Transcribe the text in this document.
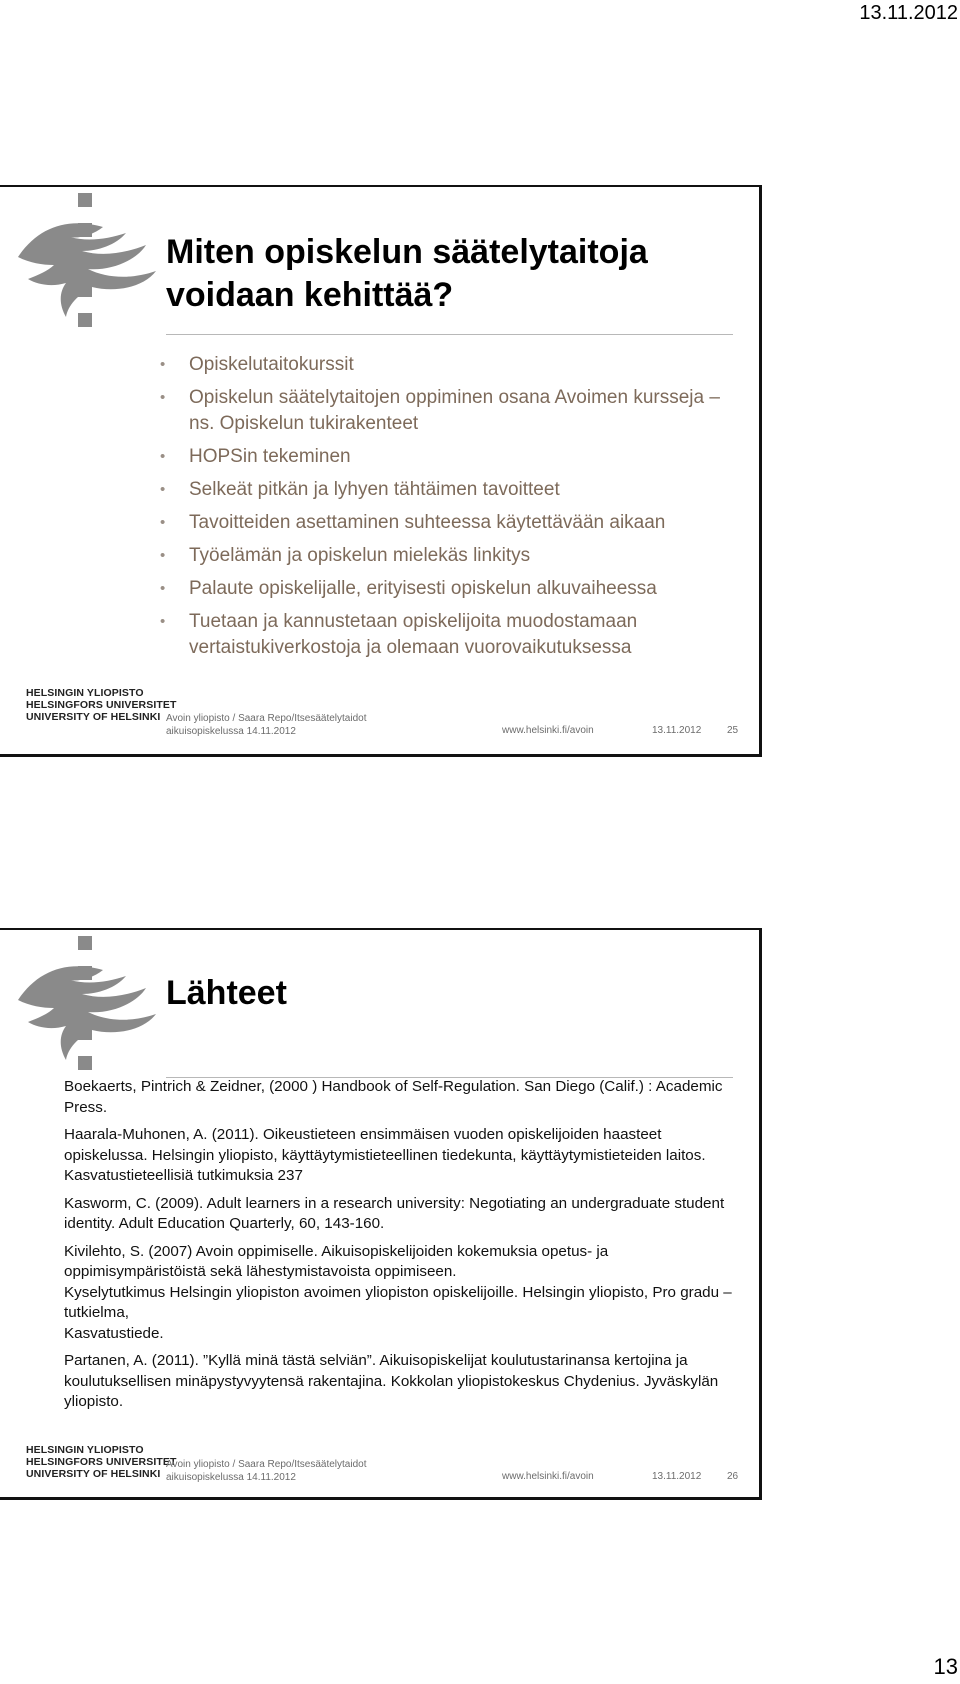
13.11.2012
Miten opiskelun säätelytaitoja voidaan kehittää?
• Opiskelutaitokurssit
• Opiskelun säätelytaitojen oppiminen osana Avoimen kursseja – ns. Opiskelun tukirakenteet
• HOPSin tekeminen
• Selkeät pitkän ja lyhyen tähtäimen tavoitteet
• Tavoitteiden asettaminen suhteessa käytettävään aikaan
• Työelämän ja opiskelun mielekäs linkitys
• Palaute opiskelijalle, erityisesti opiskelun alkuvaiheessa
• Tuetaan ja kannustetaan opiskelijoita muodostamaan vertaistukiverkostoja ja olemaan vuorovaikutuksessa
HELSINGIN YLIOPISTO
HELSINGFORS UNIVERSITET
UNIVERSITY OF HELSINKI Avoin yliopisto / Saara Repo/Itsesäätelytaidot
aikuisopiskelussa 14.11.2012	www.helsinki.fi/avoin	13.11.2012	25
Lähteet

Boekaerts, Pintrich & Zeidner, (2000 ) Handbook of Self-Regulation. San Diego (Calif.) : Academic Press.

Haarala-Muhonen, A. (2011). Oikeustieteen ensimmäisen vuoden opiskelijoiden haasteet opiskelussa. Helsingin yliopisto, käyttäytymistieteellinen tiedekunta, käyttäytymistieteiden laitos. Kasvatustieteellisiä tutkimuksia 237

Kasworm, C. (2009). Adult learners in a research university: Negotiating an undergraduate student identity. Adult Education Quarterly, 60, 143-160.

Kivilehto, S. (2007) Avoin oppimiselle. Aikuisopiskelijoiden kokemuksia opetus- ja oppimisympäristöistä sekä lähestymistavoista oppimiseen.

Kyselytutkimus Helsingin yliopiston avoimen yliopiston opiskelijoille. Helsingin yliopisto, Pro gradu –tutkielma,

Kasvatustiede.

Partanen, A. (2011). ”Kyllä minä tästä selviän”. Aikuisopiskelijat koulutustarinansa kertojina ja koulutuksellisen minäpystyvyytensä rakentajina. Kokkolan yliopistokeskus Chydenius. Jyväskylän yliopisto.

HELSINGIN YLIOPISTO
HELSINGFORS UNIVERSITET
UNIVERSITY OF HELSINKI
Avoin yliopisto / Saara Repo/Itsesäätelytaidot
aikuisopiskelussa 14.11.2012	www.helsinki.fi/avoin	13.11.2012	26
13
